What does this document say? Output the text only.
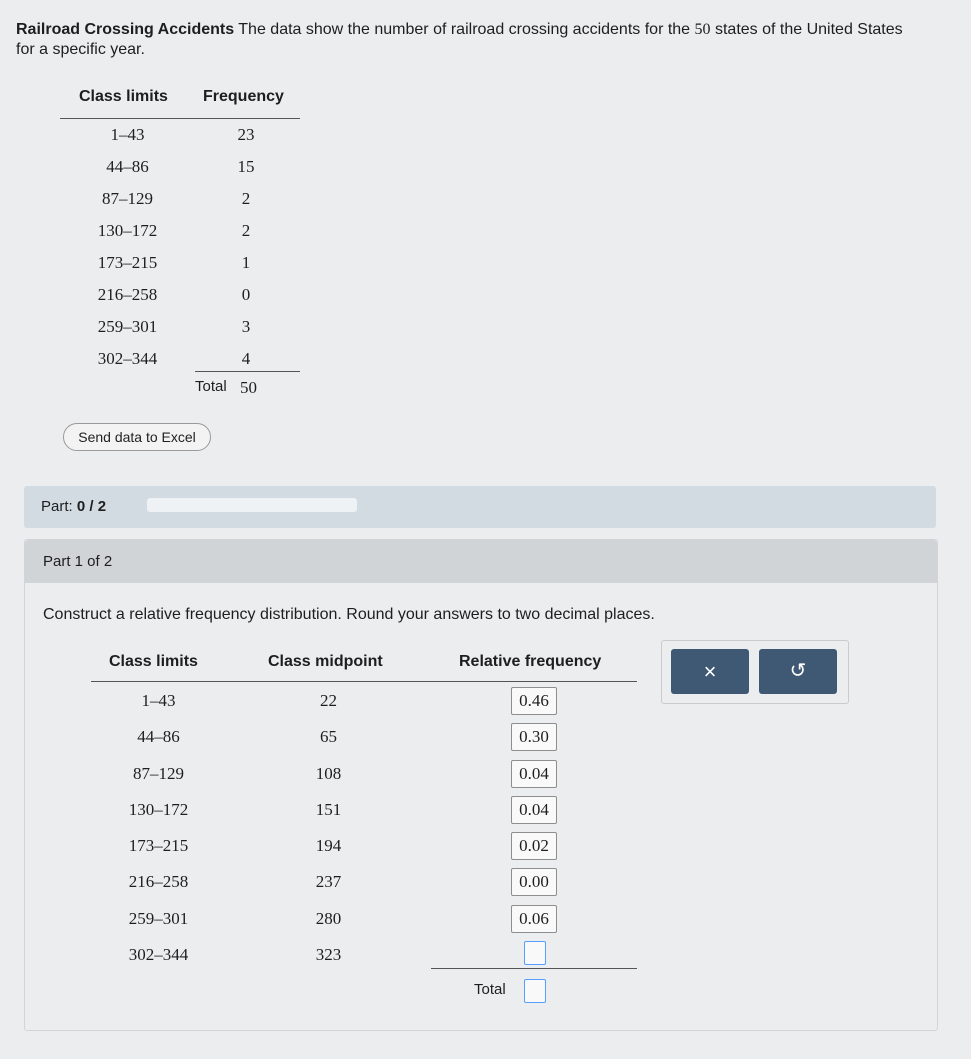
Railroad Crossing Accidents The data show the number of railroad crossing accidents for the 50 states of the United States for a specific year.
Class limits Frequency
1–43	23
44–86	15
87–129	2
130–172	2
173–215	1
216–258	0
259–301	3
302–344	4
Total 50
Send data to Excel
Part: 0 / 2
Part 1 of 2
Construct a relative frequency distribution. Round your answers to two decimal places.
Class limits	Class midpoint	Relative frequency
1–43	22	0.46
44–86	65	0.30
87–129	108	0.04
130–172	151	0.04
173–215	194	0.02
216–258	237	0.00
259–301	280	0.06
302–344	323
Total
×	↺
